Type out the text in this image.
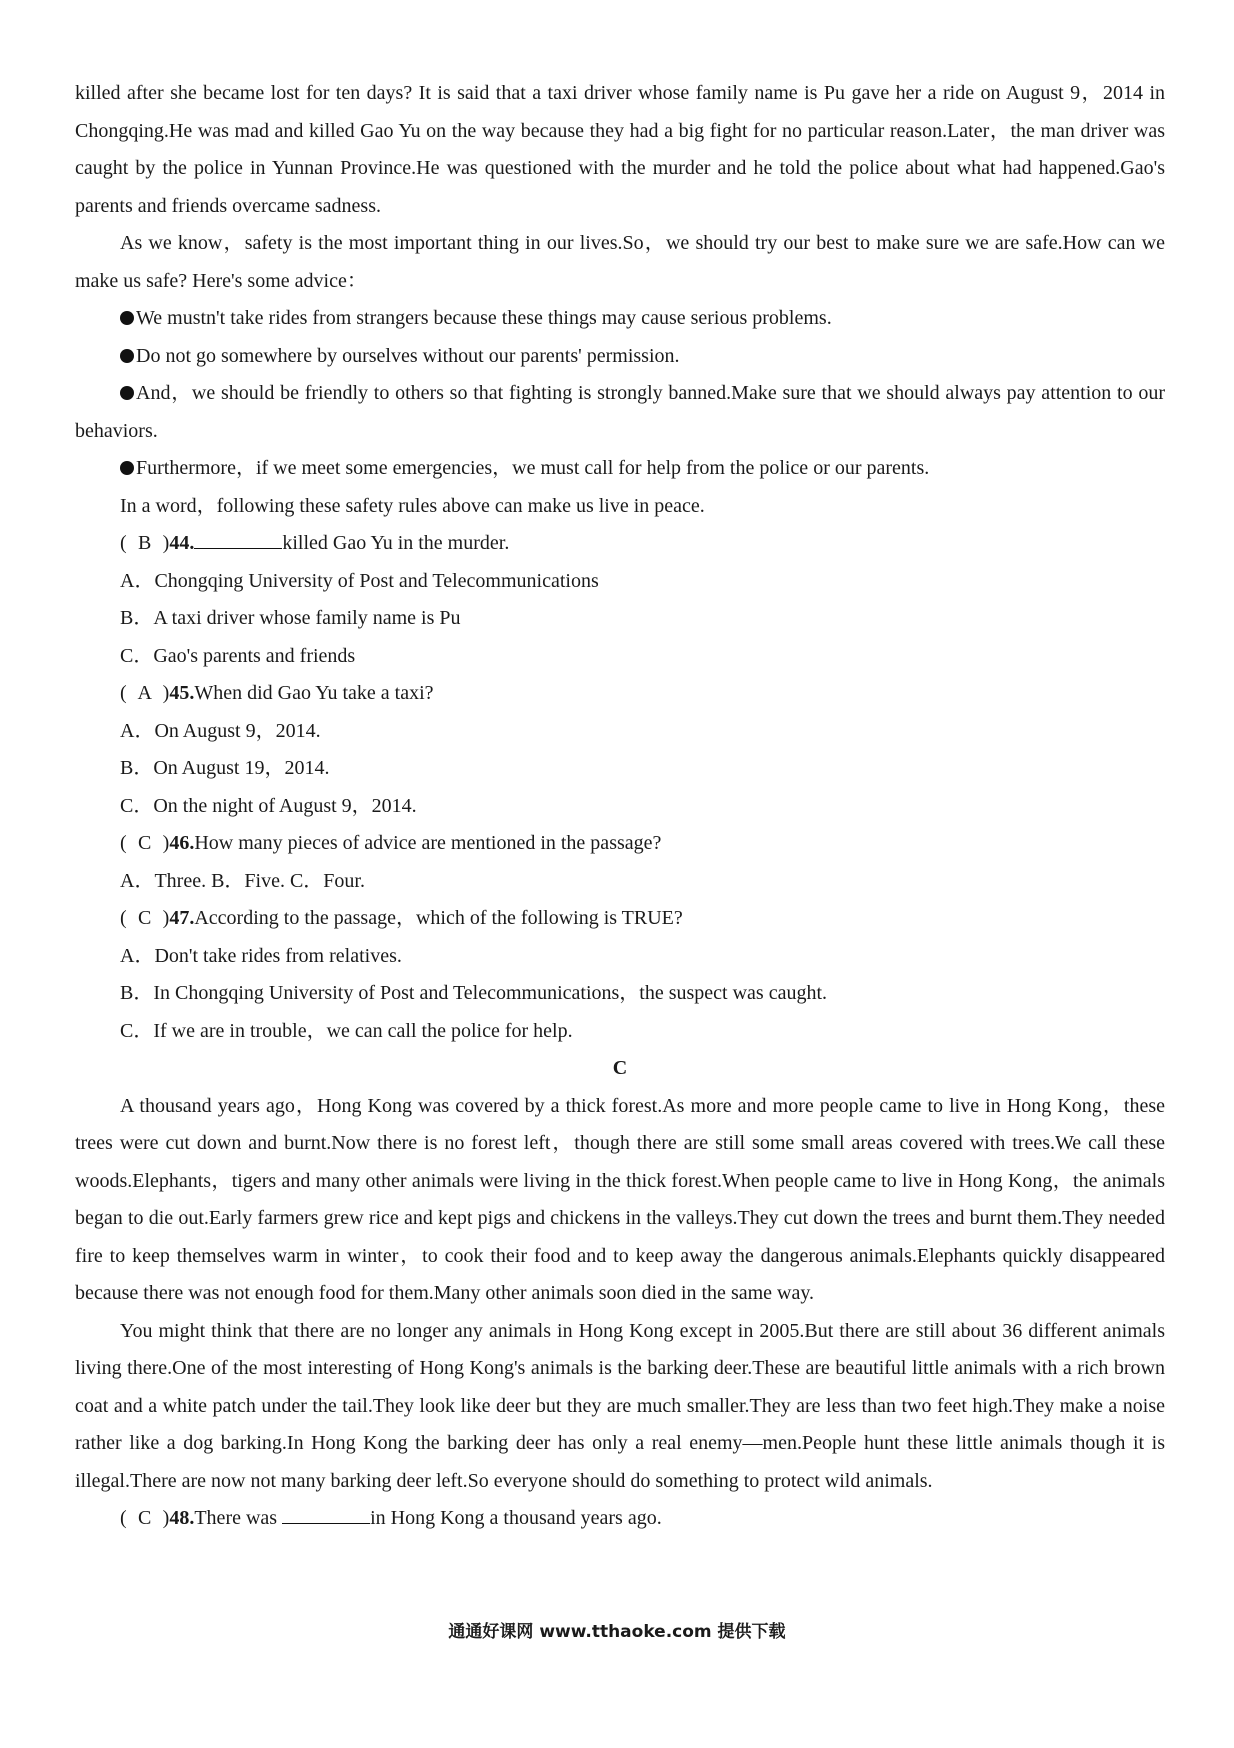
killed after she became lost for ten days? It is said that a taxi driver whose family name is Pu gave her a ride on August 9，2014 in Chongqing.He was mad and killed Gao Yu on the way because they had a big fight for no particular reason.Later，the man driver was caught by the police in Yunnan Province.He was questioned with the murder and he told the police about what had happened.Gao's parents and friends overcame sadness.

As we know，safety is the most important thing in our lives.So，we should try our best to make sure we are safe.How can we make us safe? Here's some advice：

We mustn't take rides from strangers because these things may cause serious problems.

Do not go somewhere by ourselves without our parents' permission.

And，we should be friendly to others so that fighting is strongly banned.Make sure that we should always pay attention to our behaviors.

Furthermore，if we meet some emergencies，we must call for help from the police or our parents.

In a word，following these safety rules above can make us live in peace.

( B )44.	killed Gao Yu in the murder.

A．Chongqing University of Post and Telecommunications

B．A taxi driver whose family name is Pu

C．Gao's parents and friends

( A )45.When did Gao Yu take a taxi?

A．On August 9，2014.

B．On August 19，2014.

C．On the night of August 9，2014.

( C )46.How many pieces of advice are mentioned in the passage?

A．Three. B．Five. C．Four.

( C )47.According to the passage，which of the following is TRUE?

A．Don't take rides from relatives.

B．In Chongqing University of Post and Telecommunications，the suspect was caught.

C．If we are in trouble，we can call the police for help.

C

A thousand years ago，Hong Kong was covered by a thick forest.As more and more people came to live in Hong Kong，these trees were cut down and burnt.Now there is no forest left，though there are still some small areas covered with trees.We call these woods.Elephants，tigers and many other animals were living in the thick forest.When people came to live in Hong Kong，the animals began to die out.Early farmers grew rice and kept pigs and chickens in the valleys.They cut down the trees and burnt them.They needed fire to keep themselves warm in winter，to cook their food and to keep away the dangerous animals.Elephants quickly disappeared because there was not enough food for them.Many other animals soon died in the same way.

You might think that there are no longer any animals in Hong Kong except in 2005.But there are still about 36 different animals living there.One of the most interesting of Hong Kong's animals is the barking deer.These are beautiful little animals with a rich brown coat and a white patch under the tail.They look like deer but they are much smaller.They are less than two feet high.They make a noise rather like a dog barking.In Hong Kong the barking deer has only a real enemy—men.People hunt these little animals though it is illegal.There are now not many barking deer left.So everyone should do something to protect wild animals.

( C )48.There was	in Hong Kong a thousand years ago.

通通好课网 www.tthaoke.com 提供下载
